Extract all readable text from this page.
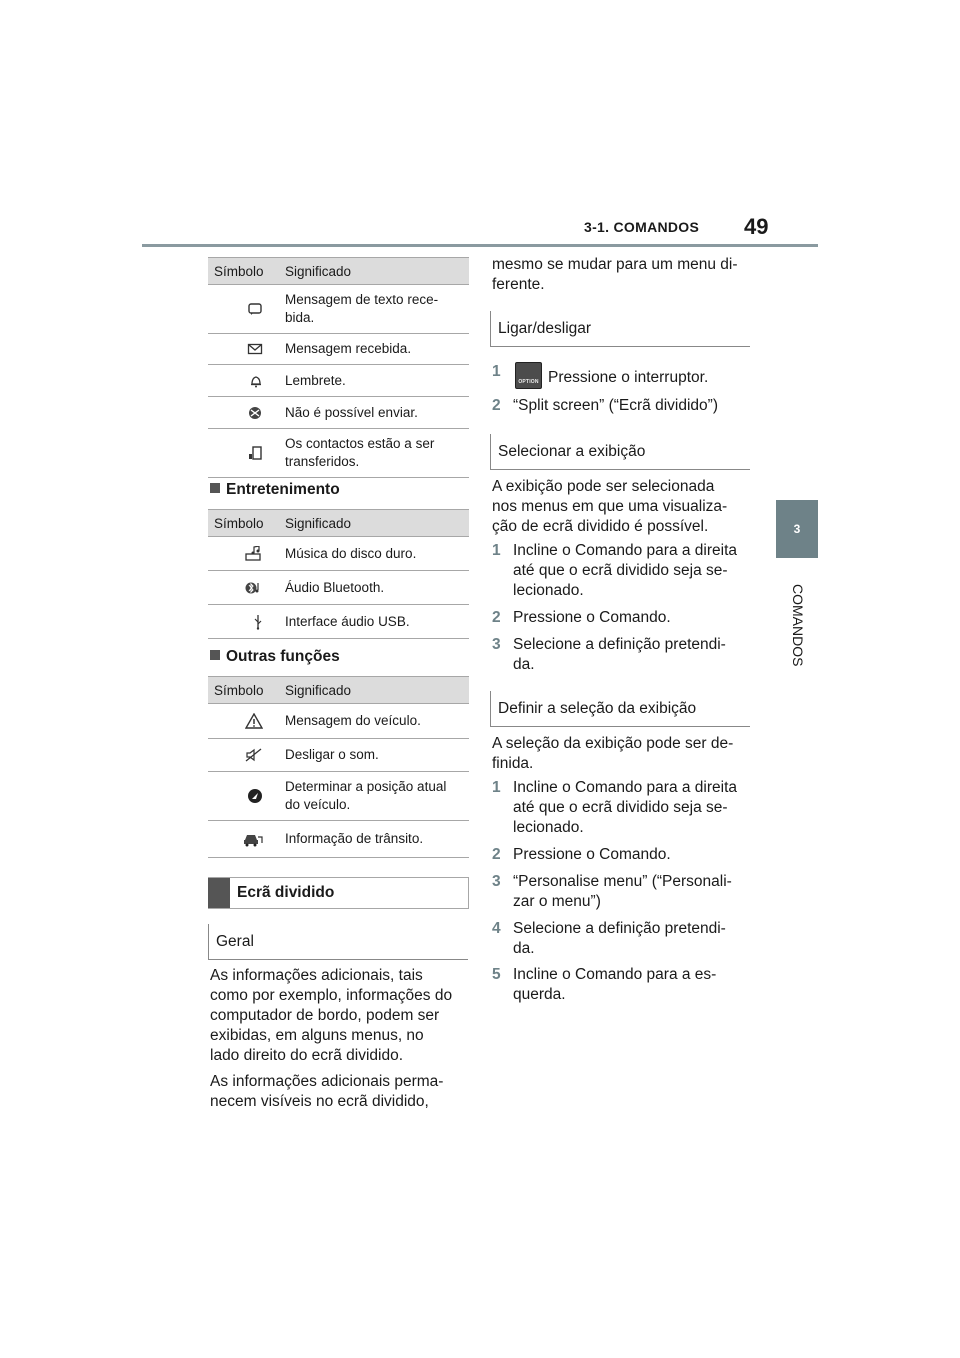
3-1. COMANDOS 49
3
COMANDOS
Símbolo	Significado
	Mensagem de texto rece-
bida.
	Mensagem recebida.
	Lembrete.
	Não é possível enviar.
	Os contactos estão a ser
transferidos.
Entretenimento
Símbolo	Significado
	Música do disco duro.
	Áudio Bluetooth.
	Interface áudio USB.
Outras funções
Símbolo	Significado
	Mensagem do veículo.
	Desligar o som.
	Determinar a posição atual
do veículo.
	Informação de trânsito.
Ecrã dividido
Geral
As informações adicionais, tais
como por exemplo, informações do
computador de bordo, podem ser
exibidas, em alguns menus, no
lado direito do ecrã dividido.
As informações adicionais perma-
necem visíveis no ecrã dividido,
mesmo se mudar para um menu di-
ferente.
Ligar/desligar
1
OPTION Pressione o interruptor.
2 “Split screen” (“Ecrã dividido”)
Selecionar a exibição
A exibição pode ser selecionada
nos menus em que uma visualiza-
ção de ecrã dividido é possível.
1 Incline o Comando para a direita
até que o ecrã dividido seja se-
lecionado.
2 Pressione o Comando.
3 Selecione a definição pretendi-
da.
Definir a seleção da exibição
A seleção da exibição pode ser de-
finida.
1 Incline o Comando para a direita
até que o ecrã dividido seja se-
lecionado.
2 Pressione o Comando.
3 “Personalise menu” (“Personali-
zar o menu”)
4 Selecione a definição pretendi-
da.
5 Incline o Comando para a es-
querda.
